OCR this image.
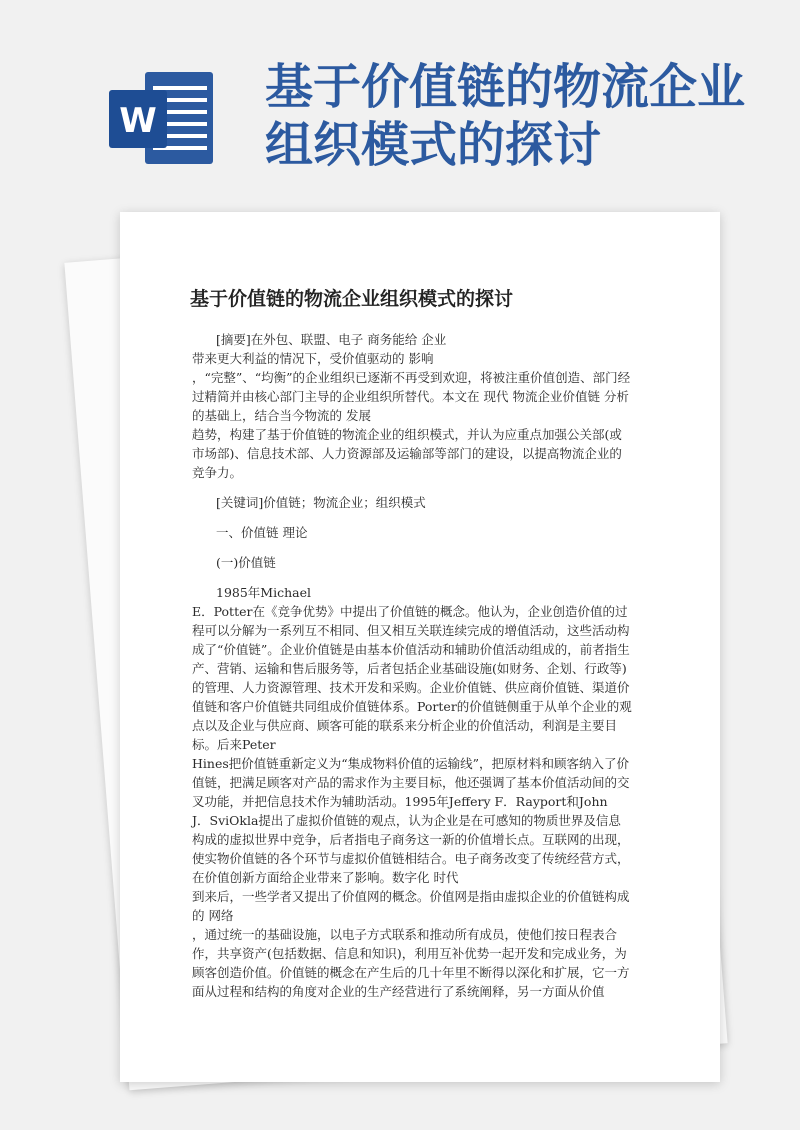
W
基于价值链的物流企业组织模式的探讨
基于价值链的物流企业组织模式的探讨

[摘要]在外包、联盟、电子 商务能给 企业

带来更大利益的情况下，受价值驱动的 影响

，“完整”、“均衡”的企业组织已逐渐不再受到欢迎，将被注重价值创造、部门经过精简并由核心部门主导的企业组织所替代。本文在 现代 物流企业价值链 分析的基础上，结合当今物流的 发展

趋势，构建了基于价值链的物流企业的组织模式，并认为应重点加强公关部(或市场部)、信息技术部、人力资源部及运输部等部门的建设，以提高物流企业的竞争力。

[关键词]价值链；物流企业；组织模式

一、价值链 理论

(一)价值链

1985年Michael

E．Potter在《竞争优势》中提出了价值链的概念。他认为，企业创造价值的过程可以分解为一系列互不相同、但又相互关联连续完成的增值活动，这些活动构成了“价值链”。企业价值链是由基本价值活动和辅助价值活动组成的，前者指生产、营销、运输和售后服务等，后者包括企业基础设施(如财务、企划、行政等)的管理、人力资源管理、技术开发和采购。企业价值链、供应商价值链、渠道价值链和客户价值链共同组成价值链体系。Porter的价值链侧重于从单个企业的观点以及企业与供应商、顾客可能的联系来分析企业的价值活动，利润是主要目标。后来Peter

Hines把价值链重新定义为“集成物料价值的运输线”，把原材料和顾客纳入了价值链，把满足顾客对产品的需求作为主要目标，他还强调了基本价值活动间的交叉功能，并把信息技术作为辅助活动。1995年Jeffery F．Rayport和John

J．SviOkla提出了虚拟价值链的观点，认为企业是在可感知的物质世界及信息构成的虚拟世界中竞争，后者指电子商务这一新的价值增长点。互联网的出现，使实物价值链的各个环节与虚拟价值链相结合。电子商务改变了传统经营方式，在价值创新方面给企业带来了影响。数字化 时代

到来后，一些学者又提出了价值网的概念。价值网是指由虚拟企业的价值链构成的 网络

，通过统一的基础设施，以电子方式联系和推动所有成员，使他们按日程表合作，共享资产(包括数据、信息和知识)，利用互补优势一起开发和完成业务，为顾客创造价值。价值链的概念在产生后的几十年里不断得以深化和扩展，它一方面从过程和结构的角度对企业的生产经营进行了系统阐释，另一方面从价值
